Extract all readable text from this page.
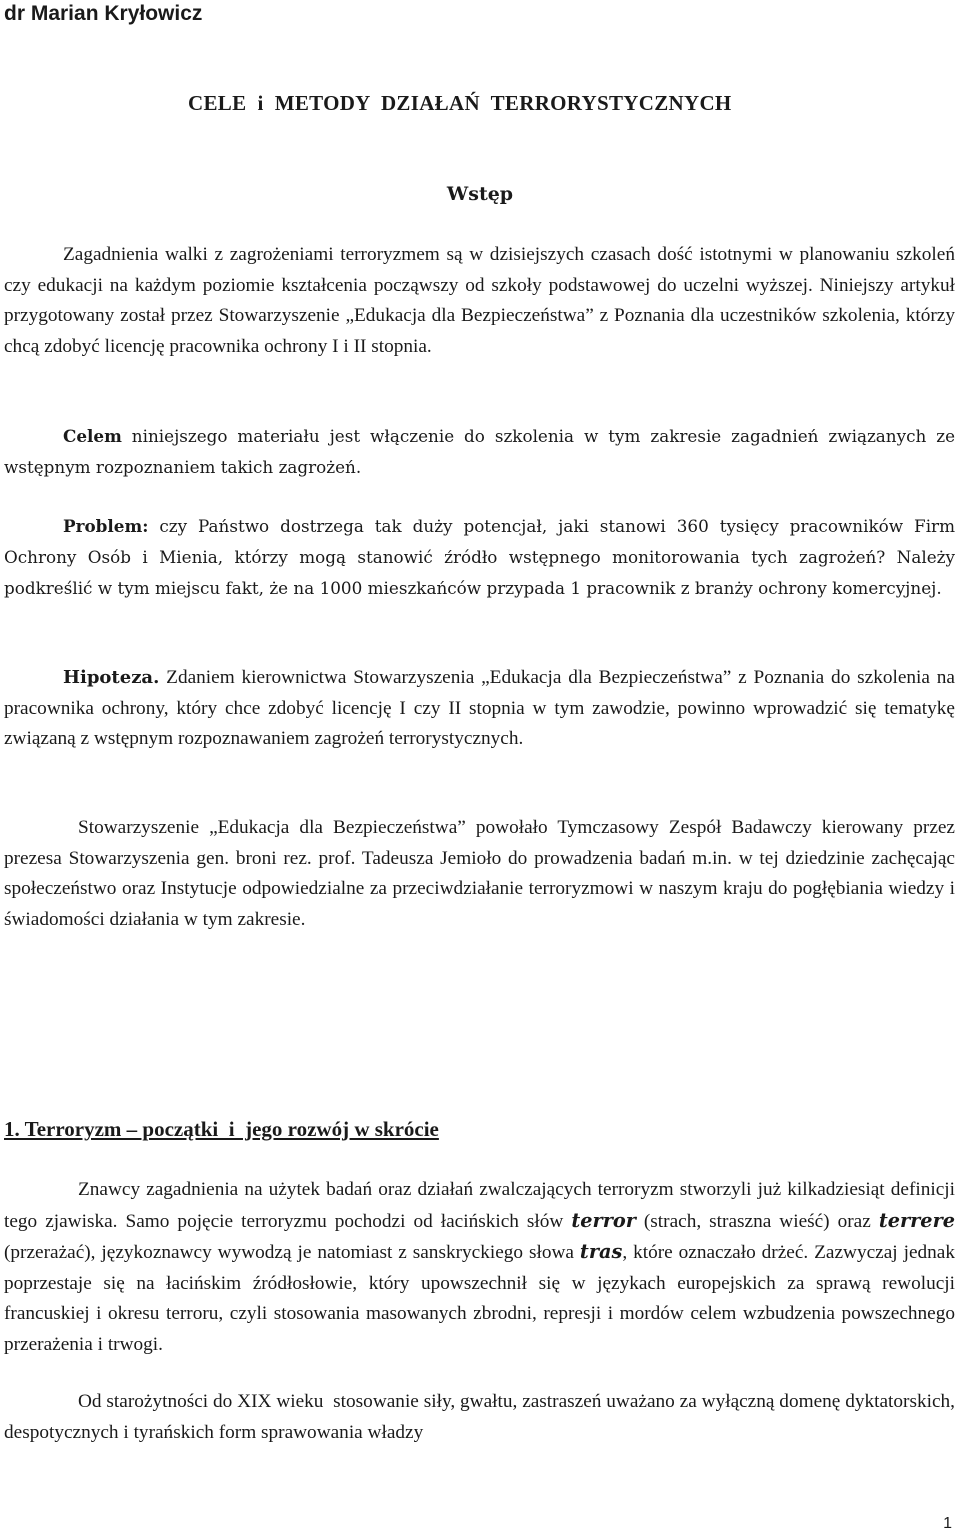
dr Marian Kryłowicz
CELE  i  METODY  DZIAŁAŃ  TERRORYSTYCZNYCH
Wstęp

Zagadnienia walki z zagrożeniami terroryzmem są w dzisiejszych czasach dość istotnymi w planowaniu szkoleń czy edukacji na każdym poziomie kształcenia począwszy od szkoły podstawowej do uczelni wyższej. Niniejszy artykuł przygotowany został przez Stowarzyszenie „Edukacja dla Bezpieczeństwa” z Poznania dla uczestników szkolenia, którzy chcą zdobyć licencję pracownika ochrony I i II stopnia.

Celem niniejszego materiału jest włączenie do szkolenia w tym zakresie zagadnień związanych ze wstępnym rozpoznaniem takich zagrożeń.

Problem: czy Państwo dostrzega tak duży potencjał, jaki stanowi 360 tysięcy pracowników Firm Ochrony Osób i Mienia, którzy mogą stanowić źródło wstępnego monitorowania tych zagrożeń? Należy podkreślić w tym miejscu fakt, że na 1000 mieszkańców przypada 1 pracownik z branży ochrony komercyjnej.

Hipoteza. Zdaniem kierownictwa Stowarzyszenia „Edukacja dla Bezpieczeństwa” z Poznania do szkolenia na pracownika ochrony, który chce zdobyć licencję I czy II stopnia w tym zawodzie, powinno wprowadzić się tematykę związaną z wstępnym rozpoznawaniem zagrożeń terrorystycznych.

Stowarzyszenie „Edukacja dla Bezpieczeństwa” powołało Tymczasowy Zespół Badawczy kierowany przez prezesa Stowarzyszenia gen. broni rez. prof. Tadeusza Jemioło do prowadzenia badań m.in. w tej dziedzinie zachęcając społeczeństwo oraz Instytucje odpowiedzialne za przeciwdziałanie terroryzmowi w naszym kraju do pogłębiania wiedzy i świadomości działania w tym zakresie.

1. Terroryzm – początki  i  jego rozwój w skrócie

Znawcy zagadnienia na użytek badań oraz działań zwalczających terroryzm stworzyli już kilkadziesiąt definicji tego zjawiska. Samo pojęcie terroryzmu pochodzi od łacińskich słów terror (strach, straszna wieść) oraz terrere (przerażać), językoznawcy wywodzą je natomiast z sanskryckiego słowa tras, które oznaczało drżeć. Zazwyczaj jednak poprzestaje się na łacińskim źródłosłowie, który upowszechnił się w językach europejskich za sprawą rewolucji francuskiej i okresu terroru, czyli stosowania masowanych zbrodni, represji i mordów celem wzbudzenia powszechnego przerażenia i trwogi.

Od starożytności do XIX wieku  stosowanie siły, gwałtu, zastraszeń uważano za wyłączną domenę dyktatorskich, despotycznych i tyrańskich form sprawowania władzy

1
